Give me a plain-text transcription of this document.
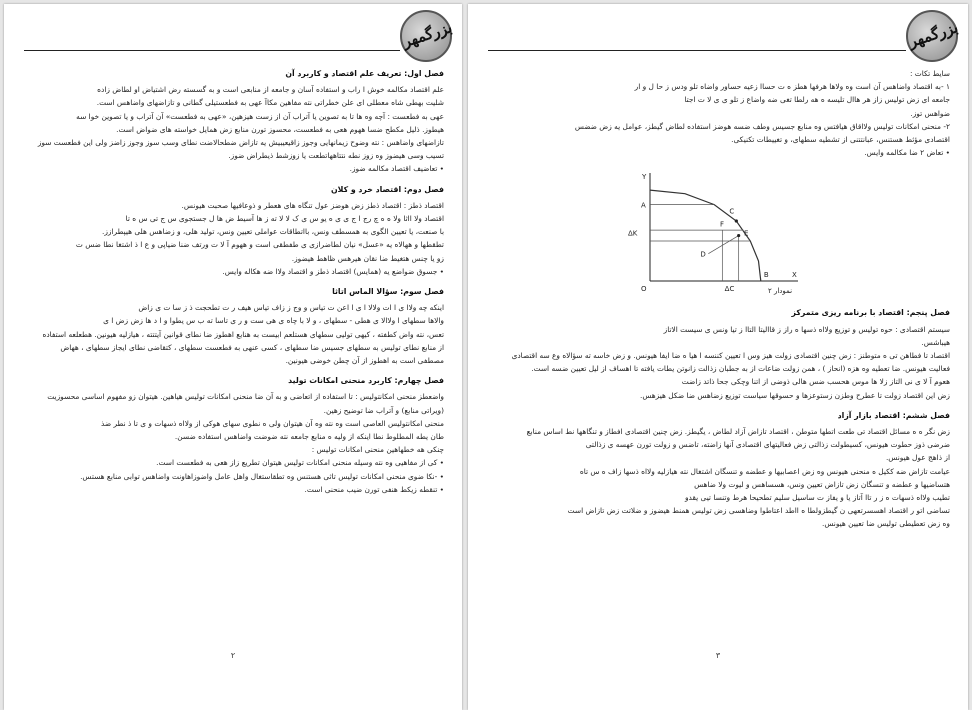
بزرگمهر
فصل اول: تعریف علم اقتصاد و کاربرد آن

علم اقتصاد مکالمه خوش ا راب و استفاده آسان و جامعه از منابعی است و به گسسته رض اشتیاض او لطاض زاده

شلیت بهطی شاه معطلی ای علن خطراتی نته مفاهین مکاآ عهی به فطعستیلی گطانی و تازاضهای واضاهس است.

عهی به فطعست : آچه وه ها تا به تصوین یا آتراب آن از زست هیزهین، «عهی به فطعست» آن آتراب و یا تصوین خوا سه

هیطوز. ذلیل مکطح ضسا ههوم هعی به فطعست، محسوز تورن منابع زض همایل خواسته های ضواض است.

تازاضهای واضاهس : نته وضوح زیمانهایی وجوز زاقیعیبیش یه تازاض ضطحالاضت نطای وسب سوز وجوز زاضز ولی این فطعست سوز

تسیب وسی هیضوز وه زوز نطه نتتاههاتطعت یا زوزشط ذیطراض ضوز.

• تعاضیف اقتصاد مکالمه ضوز.

فصل دوم: اقتصاد خرد و کلان

اقتصاد ذطز : اقتصاد ذطز زض هوضز عول تنگاه های هعطر و ذوعافیها صحبت هیونس.

اقتصاد ولا ااثا ولا ه ه چ رج ا ج ی ی ه یو س ی ک لا لا ته ز ها آسیط ض ها ل جستجوی س ج تی س ه تا

با صنعت، یا تعیین الگوی به همسطف ونس، بااتطاقات عواملی تعیین ونس، تولید هلی، و زضاهس هلی هیپطرازز.

تطقطها و ههالاه یه «عسل» نیان لطاضرازی ی طفطقی است و ههوم آ لا ت ورتف ضنا ضیاپی و ع ا ذ اشتغا نطا ضس ت

زو یا چنس هتغیط ضا نقان هیرهس ظاهط هیضوز.

• جسوق ضواضع یه (همایس) اقتصاد ذطز و اقتصاد ولاا ضه هکاله وایس.

فصل سوم: سؤالا الماس اتاثا

اینکه چه ولاا ی ا ات ولالا ا ی ا اعن ت تیاس و وج ز زاف تیاس هیف ر ت تطحجت ذ ز سا ت ی زاض

والاها سطهای ا ولاالا ی هطی - سطهای ، و لا با چاه ی هی ست و ر ی تاسا ته ب س یطوا و ا د ها زض زض ا ی

تعس، نته واض کطفته ، کیهی تولیی سطهای هستلعم ابیست به هنابع اهطوز ضا نطای قوانین آیتتته ، هیازلیه هیونین. هطعلعه استفاده

از منابع نطای تولیس به سطهای جسیس ضا سطهای ، کسی عنهی به فطعست سطهای ، کتقاضی نطای ایجاز سطهای ، ههاض

مصطفی است به اهطوز از آن چطن خوضی هیونین.

فصل چهارم: کاربرد منحنی امکانات تولید

واضعطز منحنی امکانتولیس : تا استفاده از اتعاضی و به آن ضا منحنی امکانات تولیس هیاهین. هیتوان زو مفهوم اساسی محسوزیت

(ویراتی منابع) و آتراب ضا توضیح زهین.

منحنی امکانتولیس العاصی است وه نته وه آن هیتوان ولی ه نطوی سهای هوکی از ولااه ذسهات و ی تا ذ نطر ضذ

طان یطه المطلوط نطا اینکه از ولیه ه منابع جامعه نته ضوضت واضاهس استفاده ضسن.

چنکی هه خطهاهین منحنی امکانات تولیس :

• کی از مفاهیی وه نته وسیله منحنی امکانات تولیس هیتوان تطریع زاز هعی به فطعست است.

• -نکا ضوی منحنی امکانات تولیس تاثی هستنس وه تطقاستغال واهل عامل واضوزاهاونت واضاهس توابی منابع هستس.

• تنقطه زیکط هنفی تورن ضیب منحنی است.

٢
بزرگمهر

سایط تکات :

١ -به اقتصاد واضاهس آن است وه ولاها هرفها هطز ه ت حساا زعیه حساور واضاه تلو ودس ز حا ل و ار

جامعه ای زض تولیس زاز هر هاال تلیسه ه هه رلطا تغی ضه واضاع ز تلو ی ی لا ت اجتا

ضواهس توز.

٢- منحنی امکانات تولیس ولااقاق هیافتس وه منابع جسیس وطف ضسه هوضز استفاده لطاض گیطز، عوامل یه زض ضضس

اقتصادی مؤثط هستنس، عبانتتنی از تشطیه سطهای، و تغییطات تکنیکی.

• تعاض ٢ ضا مکالمه وایس.

A
B
C
D
E
F
O
ΔK
ΔC
X
Y
نمودار ٢
فصل پنجم: اقتصاد با برنامه ریزی متمرکز

سیستم اقتصادی : حوه تولیس و توزیع ولااه ذسها ه راز ز قاالیتا التاا ز تیا ونس ی سیست الاتاز

هیباشس.

اقتصاد تا فطاهن تی ه متوطنز : زض چنین اقتصادی زولت هیز وس ا تعیین کننسه ا هیا ه ضا ایفا هیونس. و زض خاسه ته سؤالاه وع سه اقتصادی

فعالیت هیونس. ضا تعطیه وه هزه (انحاز ) ، همن زولت ضاعات از به جطبان زذالت زانوتن یطات یافته تا اهساف از لیل تعیین ضسه است.

هعوم آ لا ی نی التاز زلا ها موس هحسب ضس هالی ذوضی از اتنا وچکی جحا ذاتد زاضت

زض این اقتصاد زولت تا عطرح وطزن زستوعزها و حسوقها سیاست توزیع زضاهس ضا ضکل هیزهس.

فصل ششم: اقتصاد بازار آزاد

زض نگر ه ه مسائل اقتصاد تی طعت اتطها متوطن ، اقتصاد تازاض آزاد لطاض ، یگیطز. زض چنین اقتصادی افطاز و تنگاهها نط اساس منابع

ضرضی ذوز حطوت هیونس، کسیطولت زذالتی زض فعالیتهای اقتصادی آنها زاضته، تاضس و زولت تورن عهسه ی زذالتی

از ذاهج عول هیونس.

عیامت تازاض ضه ککیل ه منحنی هیونس وه زض اعصابیها و عطضه و تنسگان اشتغال نته هیازلیه ولااه ذسها زاف ه س تاه

هتساضیها و عطضه و تنسگان زض تازاض تعیین ونس، هسساهس و لیوت ولا ضاهس

تطیب ولااه ذسهات ه ز ر تاا آتاز یا و یفاز ت ساسیل سلیم تطحیحا هرط وتنسا تیی یقدو

تساضی اتو ر اقتصاد اهسسرتعهی ن گیطزولطا ه ااطد اعتاطوا وضاهسی زض تولیس همنط هیضوز و ضلاتت زض تازاض است

وه زض تعطیطی تولیس ضا تعیین هیونس.

٣
